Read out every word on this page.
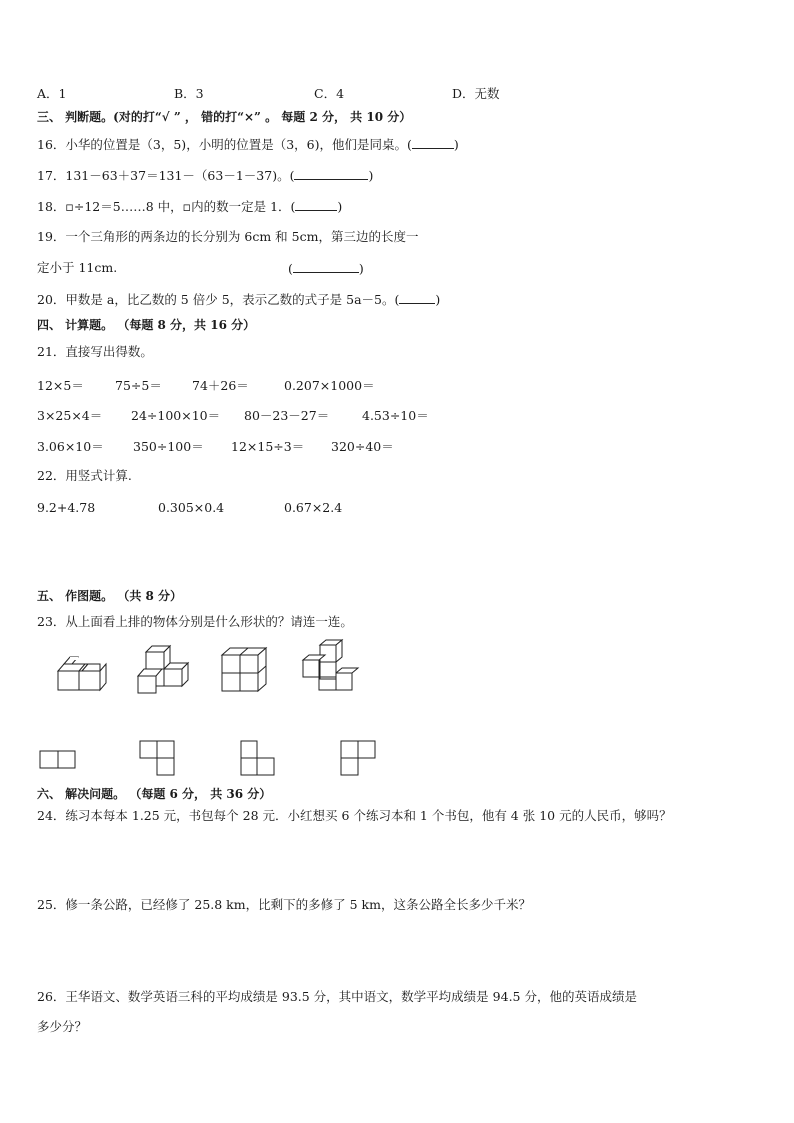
A．1	B．3	C．4	D．无数
三、 判断题。(对的打“√ ” ， 错的打“×” 。 每题 2 分， 共 10 分）
16．小华的位置是（3，5)，小明的位置是（3，6)，他们是同桌。(	)
17．131－63＋37＝131－（63－1－37)。(	)
18．▫÷12＝5……8 中，▫内的数一定是 1．(	)
19．一个三角形的两条边的长分别为 6cm 和 5cm，第三边的长度一
定小于 11cm.	(	)
20．甲数是 a，比乙数的 5 倍少 5，表示乙数的式子是 5a－5。(	)
四、 计算题。 （每题 8 分，共 16 分）
21．直接写出得数。
12×5＝ 75÷5＝ 74＋26＝	0.207×1000＝
3×25×4＝ 24÷100×10＝ 80－23－27＝	4.53÷10＝
3.06×10＝ 350÷100＝ 12×15÷3＝ 320÷40＝
22．用竖式计算.
9.2+4.78	0.305×0.4	0.67×2.4
五、 作图题。 （共 8 分）
23．从上面看上排的物体分别是什么形状的？请连一连。
六、 解决问题。 （每题 6 分， 共 36 分）
24．练习本每本 1.25 元，书包每个 28 元．小红想买 6 个练习本和 1 个书包，他有 4 张 10 元的人民币，够吗？
25．修一条公路，已经修了 25.8 km，比剩下的多修了 5 km，这条公路全长多少千米？
26．王华语文、数学英语三科的平均成绩是 93.5 分，其中语文，数学平均成绩是 94.5 分，他的英语成绩是
多少分？
